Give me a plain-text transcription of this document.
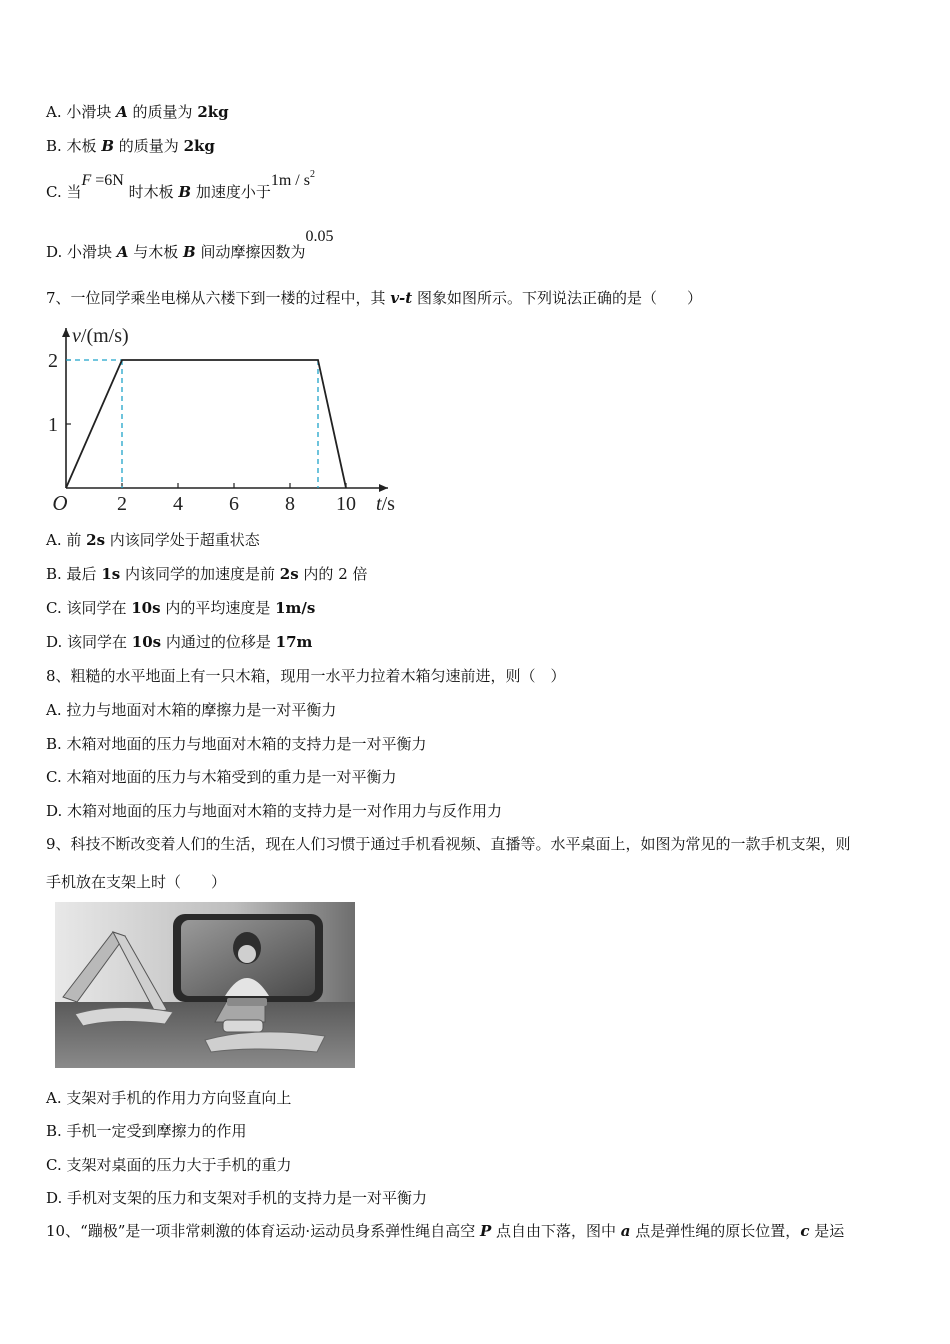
A. 小滑块 A 的质量为 2kg
B. 木板 B 的质量为 2kg
C. 当F =6N 时木板 B 加速度小于$1m / s^2$
D. 小滑块 A 与木板 B 间动摩擦因数为0.05
7、一位同学乘坐电梯从六楼下到一楼的过程中，其 v-t 图象如图所示。下列说法正确的是（　　）
2 4 6 8 10
1
2
O
v/(m/s)
t/s
A. 前 2s 内该同学处于超重状态
B. 最后 1s 内该同学的加速度是前 2s 内的 2 倍
C. 该同学在 10s 内的平均速度是 1m/s
D. 该同学在 10s 内通过的位移是 17m
8、粗糙的水平地面上有一只木箱，现用一水平力拉着木箱匀速前进，则（　）
A. 拉力与地面对木箱的摩擦力是一对平衡力
B. 木箱对地面的压力与地面对木箱的支持力是一对平衡力
C. 木箱对地面的压力与木箱受到的重力是一对平衡力
D. 木箱对地面的压力与地面对木箱的支持力是一对作用力与反作用力
9、科技不断改变着人们的生活，现在人们习惯于通过手机看视频、直播等。水平桌面上，如图为常见的一款手机支架，则
手机放在支架上时（　　）
A. 支架对手机的作用力方向竖直向上
B. 手机一定受到摩擦力的作用
C. 支架对桌面的压力大于手机的重力
D. 手机对支架的压力和支架对手机的支持力是一对平衡力
10、“蹦极”是一项非常刺激的体育运动·运动员身系弹性绳自高空 P 点自由下落，图中 a 点是弹性绳的原长位置，c 是运
